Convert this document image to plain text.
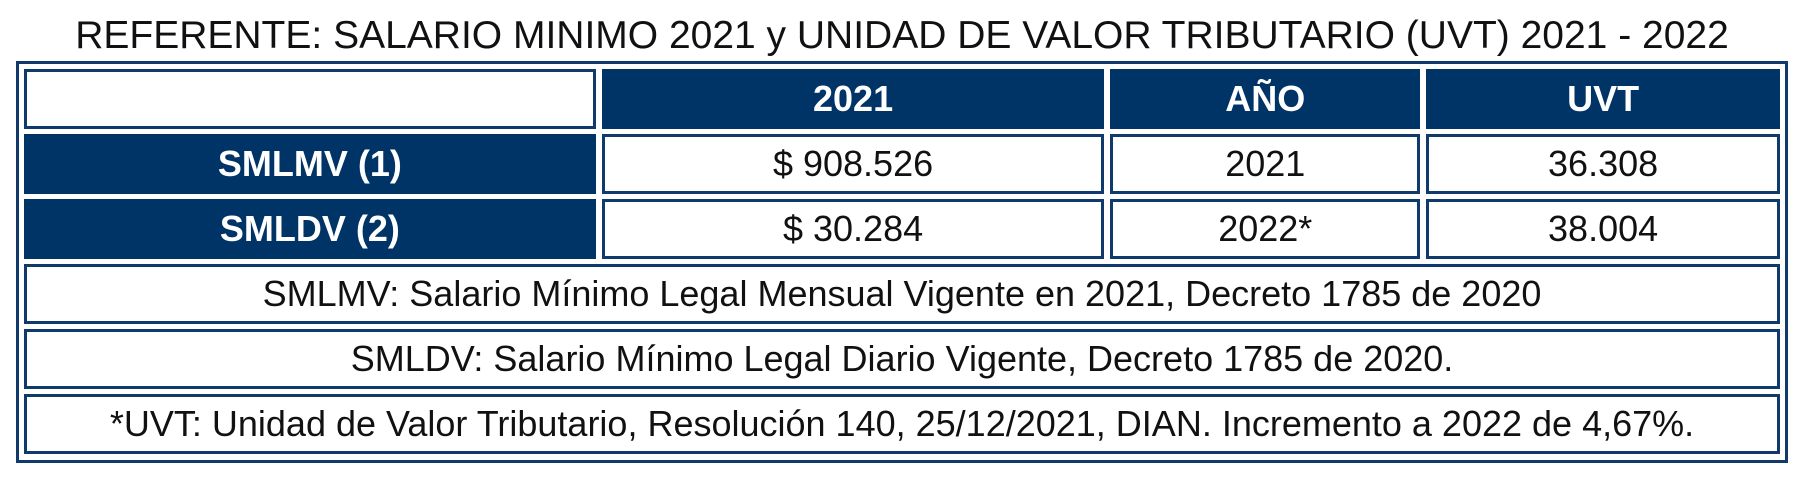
REFERENTE: SALARIO MINIMO 2021 y UNIDAD DE VALOR TRIBUTARIO (UVT) 2021 - 2022
		2021		AÑO		UVT
SMLMV (1)		$ 908.526		2021		36.308
SMLDV (2)		$ 30.284		2022*		38.004
SMLMV: Salario Mínimo Legal Mensual Vigente en 2021, Decreto 1785 de 2020						
SMLDV: Salario Mínimo Legal Diario Vigente, Decreto 1785 de 2020.						
*UVT: Unidad de Valor Tributario, Resolución 140, 25/12/2021, DIAN. Incremento a 2022 de 4,67%.						
